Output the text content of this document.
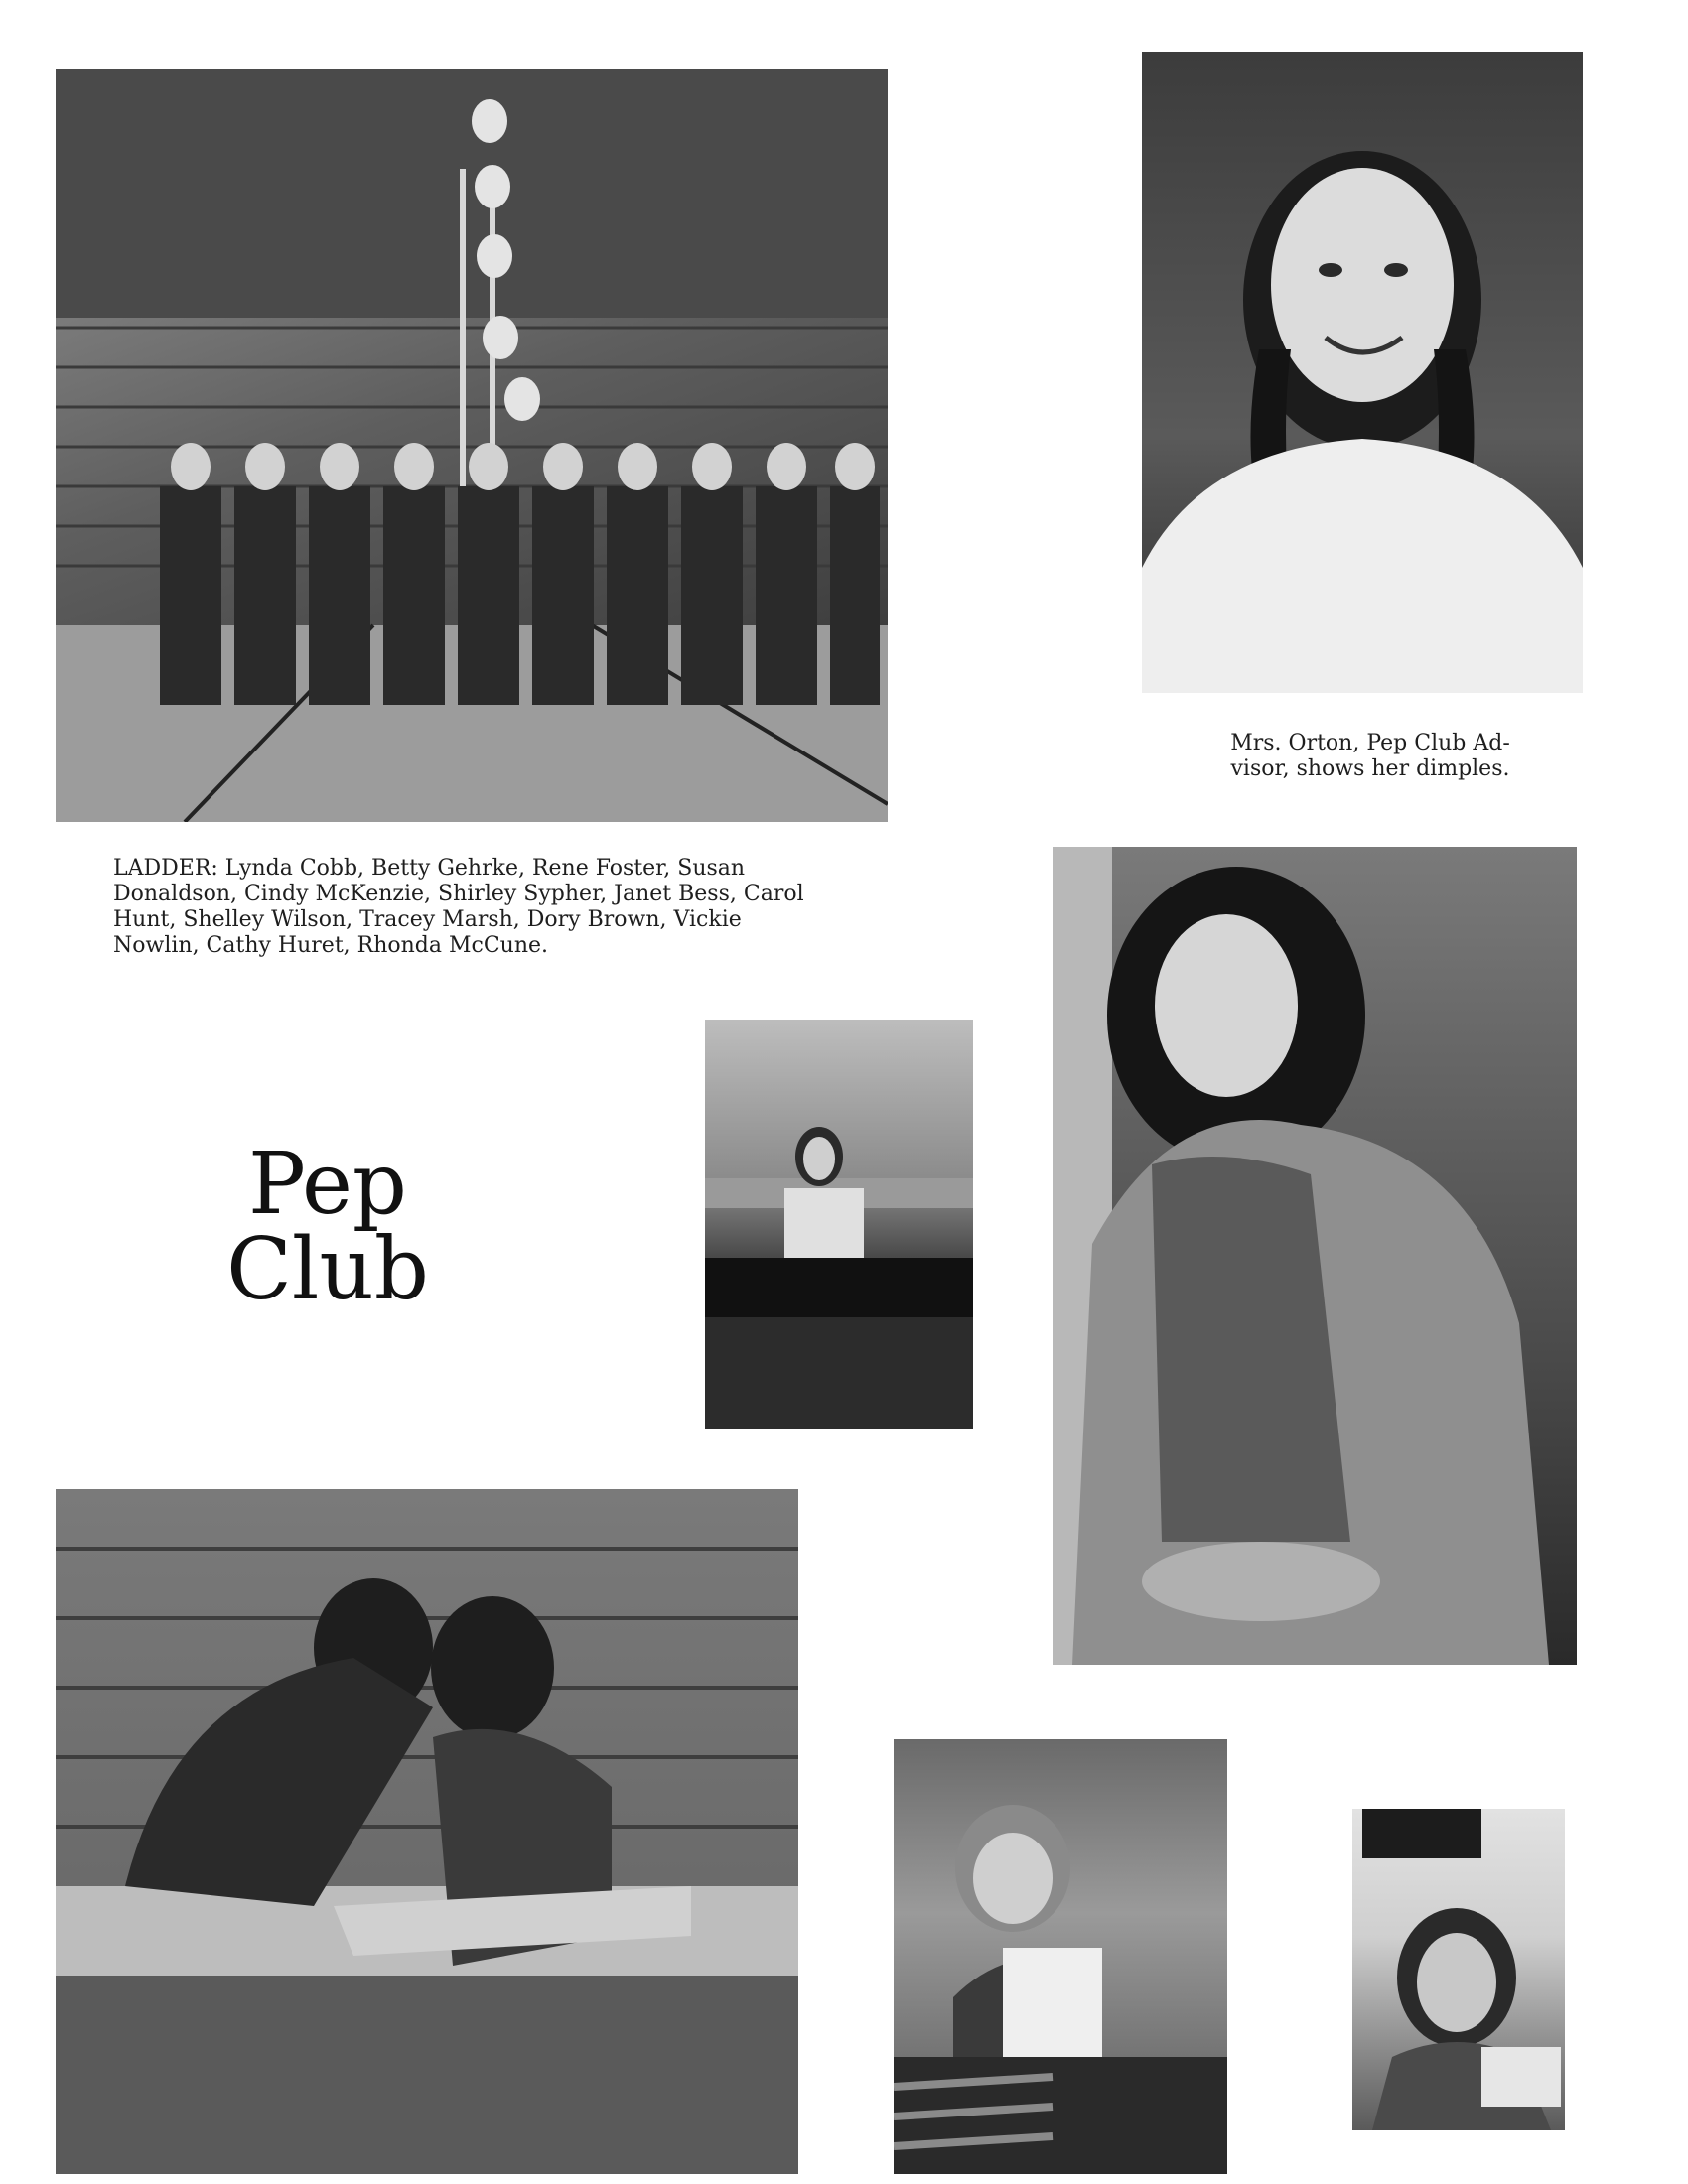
Mrs. Orton, Pep Club Ad-
visor, shows her dimples.
LADDER: Lynda Cobb, Betty Gehrke, Rene Foster, Susan
Donaldson, Cindy McKenzie, Shirley Sypher, Janet Bess, Carol
Hunt, Shelley Wilson, Tracey Marsh, Dory Brown, Vickie
Nowlin, Cathy Huret, Rhonda McCune.
Pep
Club
